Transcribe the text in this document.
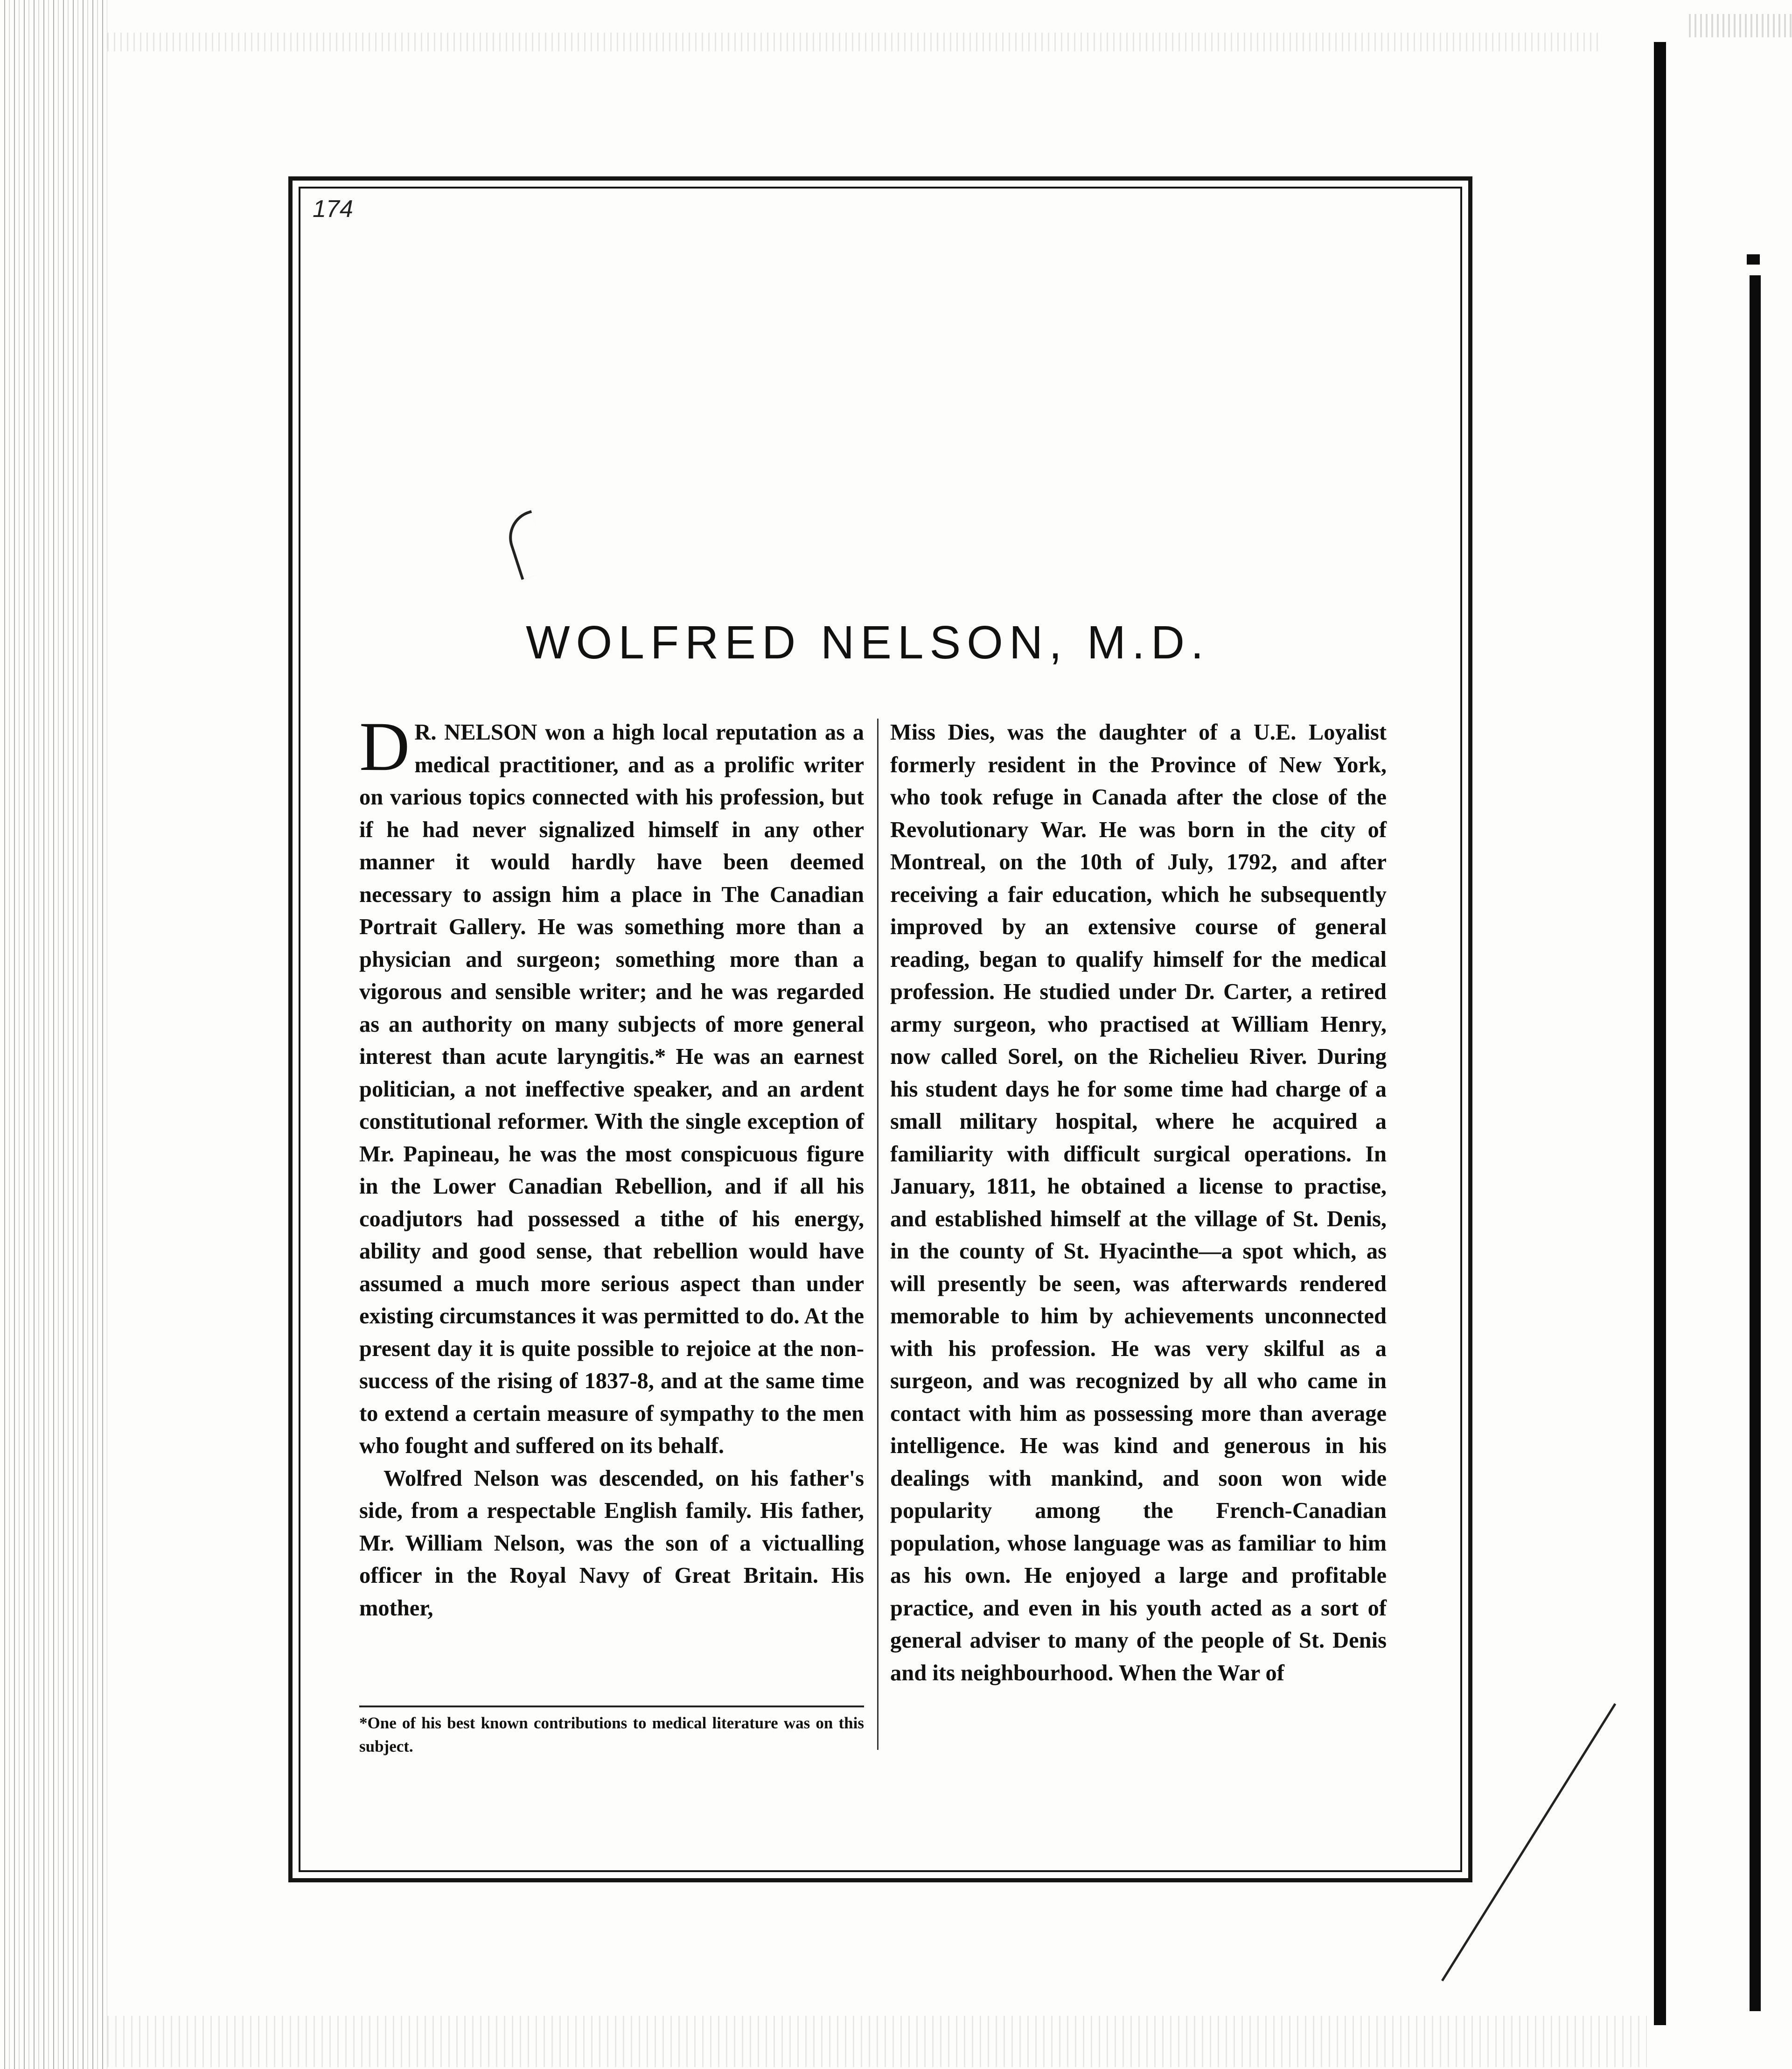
174
WOLFRED NELSON, M.D.
D R. NELSON won a high local reputation as a medical practitioner, and as a prolific writer on various topics connected with his profession, but if he had never signalized himself in any other manner it would hardly have been deemed necessary to assign him a place in The Canadian Portrait Gallery. He was something more than a physician and surgeon; something more than a vigorous and sensible writer; and he was regarded as an authority on many subjects of more general interest than acute laryngitis.* He was an earnest politician, a not ineffective speaker, and an ardent constitutional reformer. With the single exception of Mr. Papineau, he was the most conspicuous figure in the Lower Canadian Rebellion, and if all his coadjutors had possessed a tithe of his energy, ability and good sense, that rebellion would have assumed a much more serious aspect than under existing circumstances it was permitted to do. At the present day it is quite possible to rejoice at the non-success of the rising of 1837-8, and at the same time to extend a certain measure of sympathy to the men who fought and suffered on its behalf.

Wolfred Nelson was descended, on his father's side, from a respectable English family. His father, Mr. William Nelson, was the son of a victualling officer in the Royal Navy of Great Britain. His mother,

Miss Dies, was the daughter of a U.E. Loyalist formerly resident in the Province of New York, who took refuge in Canada after the close of the Revolutionary War. He was born in the city of Montreal, on the 10th of July, 1792, and after receiving a fair education, which he subsequently improved by an extensive course of general reading, began to qualify himself for the medical profession. He studied under Dr. Carter, a retired army surgeon, who practised at William Henry, now called Sorel, on the Richelieu River. During his student days he for some time had charge of a small military hospital, where he acquired a familiarity with difficult surgical operations. In January, 1811, he obtained a license to practise, and established himself at the village of St. Denis, in the county of St. Hyacinthe—a spot which, as will presently be seen, was afterwards rendered memorable to him by achievements unconnected with his profession. He was very skilful as a surgeon, and was recognized by all who came in contact with him as possessing more than average intelligence. He was kind and generous in his dealings with mankind, and soon won wide popularity among the French-Canadian population, whose language was as familiar to him as his own. He enjoyed a large and profitable practice, and even in his youth acted as a sort of general adviser to many of the people of St. Denis and its neighbourhood. When the War of

*One of his best known contributions to medical literature was on this subject.
